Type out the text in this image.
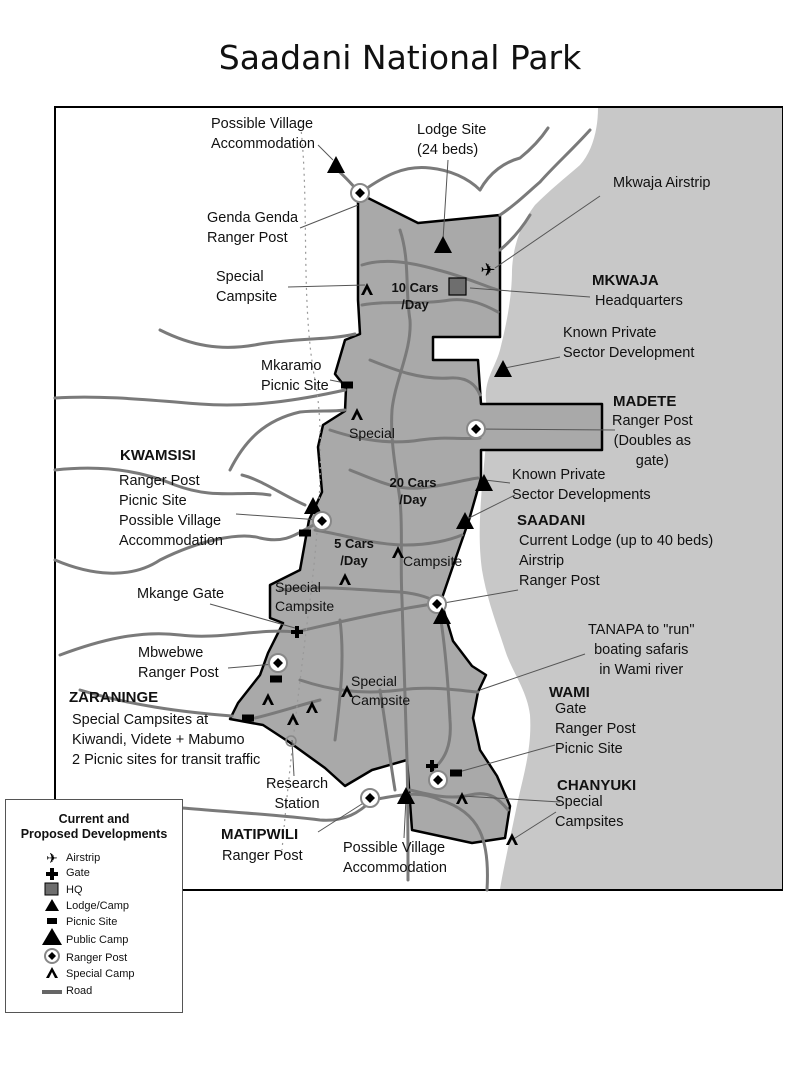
Saadani National Park
✈
Possible Village
Accommodation
Lodge Site
(24 beds)
Mkwaja Airstrip
Genda Genda
Ranger Post
Special
Campsite
MKWAJA
Headquarters
10 Cars
/Day
Known Private
Sector Development
Mkaramo
Picnic Site
MADETE
Ranger Post
(Doubles as
gate)
Special
KWAMSISI
Ranger Post
Picnic Site
Possible Village
Accommodation
Known Private
Sector Developments
20 Cars
/Day
SAADANI
Current Lodge (up to 40 beds)
Airstrip
Ranger Post
5 Cars
/Day	Campsite
Special
Campsite
Mkange Gate
TANAPA to "run"
boating safaris
in Wami river
Mbwebwe
Ranger Post	Special
Campsite
ZARANINGE
Special Campsites at
Kiwandi, Videte + Mabumo
2 Picnic sites for transit traffic
WAMI
Gate
Ranger Post
Picnic Site
Research
Station
CHANYUKI
Special
Campsites
MATIPWILI
Ranger Post	Possible Village
Accommodation
Current and
Proposed Developments
✈ Airstrip
Gate
HQ
Lodge/Camp
Picnic Site
Public Camp
Ranger Post
Special Camp
Road
